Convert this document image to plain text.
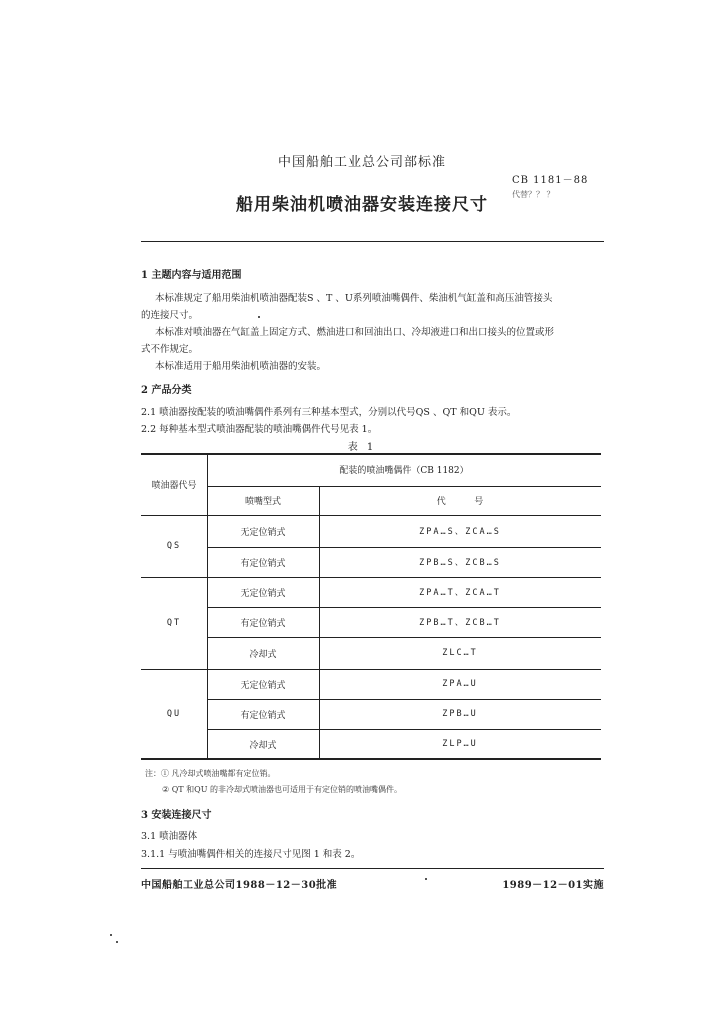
中国船舶工业总公司部标准
CB 1181－88
代替？？ ？
船用柴油机喷油器安装连接尺寸
1 主题内容与适用范围
本标准规定了船用柴油机喷油器配装S 、T 、U系列喷油嘴偶件、柴油机气缸盖和高压油管接头
的连接尺寸。
本标准对喷油器在气缸盖上固定方式、燃油进口和回油出口、冷却液进口和出口接头的位置或形
式不作规定。
本标准适用于船用柴油机喷油器的安装。
2 产品分类
2.1 喷油器按配装的喷油嘴偶件系列有三种基本型式，分别以代号QS 、QT 和QU 表示。
2.2 每种基本型式喷油器配装的喷油嘴偶件代号见表 1。
表 1
喷油器代号
配装的喷油嘴偶件（CB 1182）
喷嘴型式	代          号
QS
无定位销式	ZPA…S、ZCA…S
有定位销式	ZPB…S、ZCB…S
QT
无定位销式	ZPA…T、ZCA…T
有定位销式	ZPB…T、ZCB…T
冷却式	ZLC…T
QU
无定位销式	ZPA…U
有定位销式	ZPB…U
冷却式	ZLP…U
注：① 凡冷却式喷油嘴都有定位销。
② QT 和QU 的非冷却式喷油器也可适用于有定位销的喷油嘴偶件。
3 安装连接尺寸
3.1 喷油器体
3.1.1 与喷油嘴偶件相关的连接尺寸见图 1 和表 2。
中国船舶工业总公司1988－12－30批准	1989－12－01实施
